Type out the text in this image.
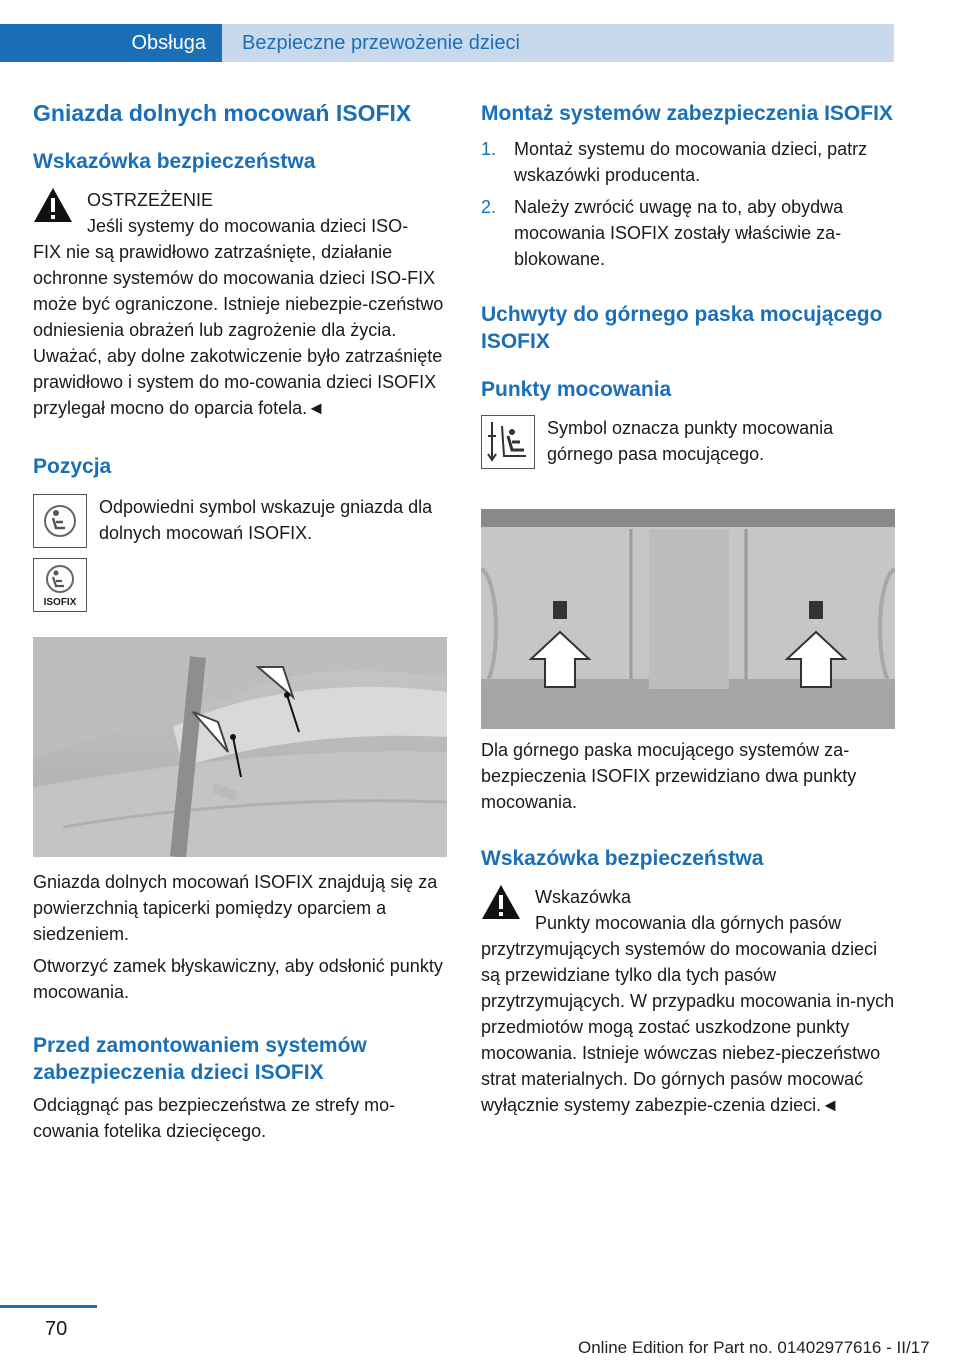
Obsługa	Bezpieczne przewożenie dzieci
Gniazda dolnych mocowań ISOFIX
Wskazówka bezpieczeństwa

OSTRZEŻENIE

Jeśli systemy do mocowania dzieci ISO‐

FIX nie są prawidłowo zatrzaśnięte, działanie ochronne systemów do mocowania dzieci ISO‐FIX może być ograniczone. Istnieje niebezpie‐czeństwo odniesienia obrażeń lub zagrożenie dla życia. Uważać, aby dolne zakotwiczenie było zatrzaśnięte prawidłowo i system do mo‐cowania dzieci ISOFIX przylegał mocno do oparcia fotela.◄

Pozycja
ISOFIX

Odpowiedni symbol wskazuje gniazda dla dolnych mocowań ISOFIX.

Gniazda dolnych mocowań ISOFIX znajdują się za powierzchnią tapicerki pomiędzy oparciem a siedzeniem.

Otworzyć zamek błyskawiczny, aby odsłonić punkty mocowania.

Przed zamontowaniem systemów zabezpieczenia dzieci ISOFIX

Odciągnąć pas bezpieczeństwa ze strefy mo‐cowania fotelika dziecięcego.

Montaż systemów zabezpieczenia ISOFIX
1. Montaż systemu do mocowania dzieci, patrz wskazówki producenta.
2. Należy zwrócić uwagę na to, aby obydwa mocowania ISOFIX zostały właściwie za‐blokowane.
Uchwyty do górnego paska mocującego ISOFIX
Punkty mocowania

Symbol oznacza punkty mocowania górnego pasa mocującego.

Dla górnego paska mocującego systemów za‐bezpieczenia ISOFIX przewidziano dwa punkty mocowania.

Wskazówka bezpieczeństwa

Wskazówka

Punkty mocowania dla górnych pasów

przytrzymujących systemów do mocowania dzieci są przewidziane tylko dla tych pasów przytrzymujących. W przypadku mocowania in‐nych przedmiotów mogą zostać uszkodzone punkty mocowania. Istnieje wówczas niebez‐pieczeństwo strat materialnych. Do górnych pasów mocować wyłącznie systemy zabezpie‐czenia dzieci.◄

70
Online Edition for Part no. 01402977616 - II/17
